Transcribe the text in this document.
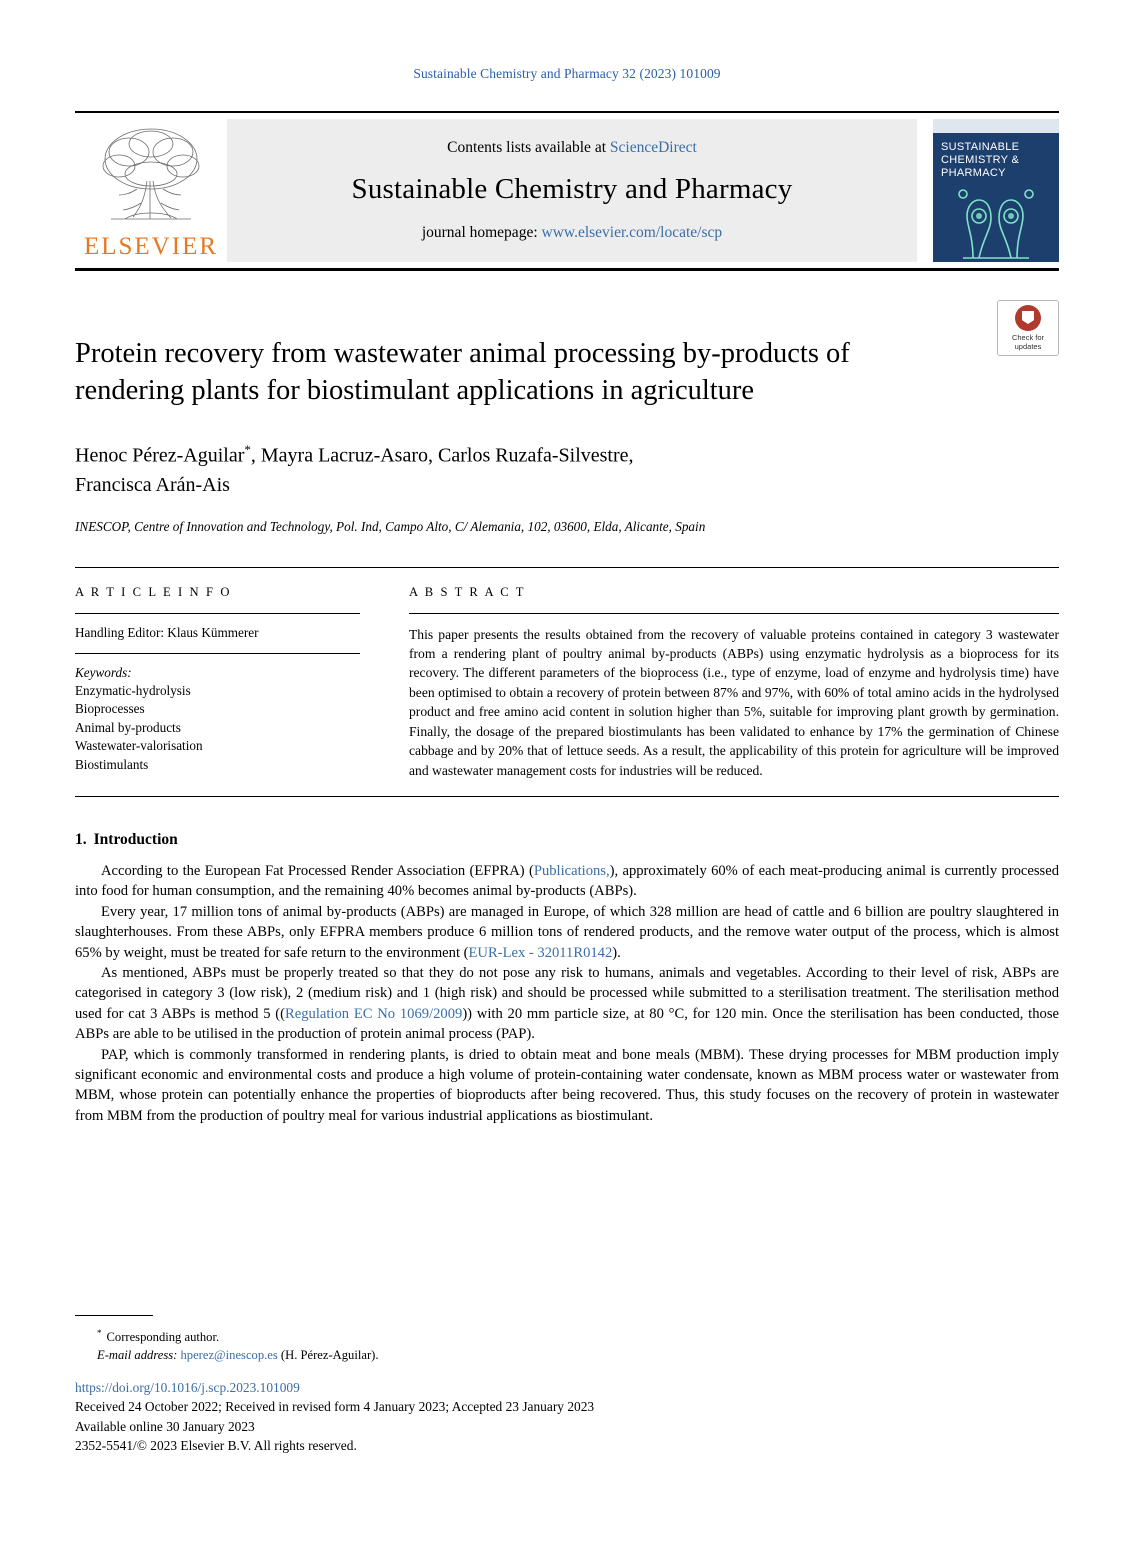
Sustainable Chemistry and Pharmacy 32 (2023) 101009
ELSEVIER
Contents lists available at ScienceDirect
Sustainable Chemistry and Pharmacy
journal homepage: www.elsevier.com/locate/scp
SUSTAINABLE
CHEMISTRY &
PHARMACY
Check for
updates
Protein recovery from wastewater animal processing by-products of rendering plants for biostimulant applications in agriculture
Henoc Pérez-Aguilar*, Mayra Lacruz-Asaro, Carlos Ruzafa-Silvestre,
Francisca Arán-Ais
INESCOP, Centre of Innovation and Technology, Pol. Ind, Campo Alto, C/ Alemania, 102, 03600, Elda, Alicante, Spain
A R T I C L E I N F O
Handling Editor: Klaus Kümmerer
Keywords:
Enzymatic-hydrolysis
Bioprocesses
Animal by-products
Wastewater-valorisation
Biostimulants
A B S T R A C T
This paper presents the results obtained from the recovery of valuable proteins contained in category 3 wastewater from a rendering plant of poultry animal by-products (ABPs) using enzymatic hydrolysis as a bioprocess for its recovery. The different parameters of the bioprocess (i.e., type of enzyme, load of enzyme and hydrolysis time) have been optimised to obtain a recovery of protein between 87% and 97%, with 60% of total amino acids in the hydrolysed product and free amino acid content in solution higher than 5%, suitable for improving plant growth by germination. Finally, the dosage of the prepared biostimulants has been validated to enhance by 17% the germination of Chinese cabbage and by 20% that of lettuce seeds. As a result, the applicability of this protein for agriculture will be improved and wastewater management costs for industries will be reduced.
1. Introduction

According to the European Fat Processed Render Association (EFPRA) (Publications,), approximately 60% of each meat-producing animal is currently processed into food for human consumption, and the remaining 40% becomes animal by-products (ABPs).

Every year, 17 million tons of animal by-products (ABPs) are managed in Europe, of which 328 million are head of cattle and 6 billion are poultry slaughtered in slaughterhouses. From these ABPs, only EFPRA members produce 6 million tons of rendered products, and the remove water output of the process, which is almost 65% by weight, must be treated for safe return to the environment (EUR-Lex - 32011R0142).

As mentioned, ABPs must be properly treated so that they do not pose any risk to humans, animals and vegetables. According to their level of risk, ABPs are categorised in category 3 (low risk), 2 (medium risk) and 1 (high risk) and should be processed while submitted to a sterilisation treatment. The sterilisation method used for cat 3 ABPs is method 5 ((Regulation EC No 1069/2009)) with 20 mm particle size, at 80 °C, for 120 min. Once the sterilisation has been conducted, those ABPs are able to be utilised in the production of protein animal process (PAP).

PAP, which is commonly transformed in rendering plants, is dried to obtain meat and bone meals (MBM). These drying processes for MBM production imply significant economic and environmental costs and produce a high volume of protein-containing water condensate, known as MBM process water or wastewater from MBM, whose protein can potentially enhance the properties of bioproducts after being recovered. Thus, this study focuses on the recovery of protein in wastewater from MBM from the production of poultry meal for various industrial applications as biostimulant.

* Corresponding author.
E-mail address: hperez@inescop.es (H. Pérez-Aguilar).
https://doi.org/10.1016/j.scp.2023.101009
Received 24 October 2022; Received in revised form 4 January 2023; Accepted 23 January 2023
Available online 30 January 2023
2352-5541/© 2023 Elsevier B.V. All rights reserved.
